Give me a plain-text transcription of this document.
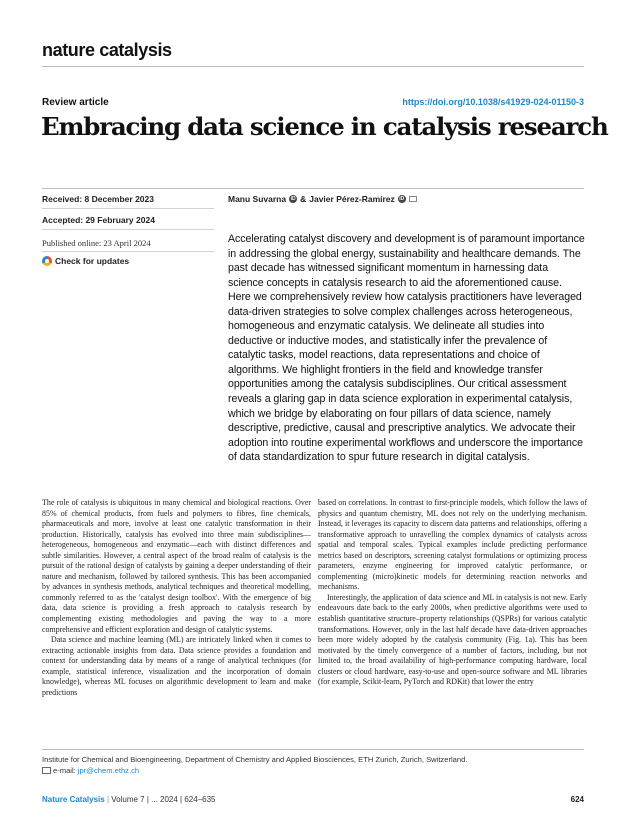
nature catalysis
Review article	https://doi.org/10.1038/s41929-024-01150-3
Embracing data science in catalysis research
Received: 8 December 2023
Accepted: 29 February 2024
Published online: 23 April 2024
Check for updates
Manu Suvarna iD & Javier Pérez-Ramírez iD
Accelerating catalyst discovery and development is of paramount importance in addressing the global energy, sustainability and healthcare demands. The past decade has witnessed significant momentum in harnessing data science concepts in catalysis research to aid the aforementioned cause. Here we comprehensively review how catalysis practitioners have leveraged data-driven strategies to solve complex challenges across heterogeneous, homogeneous and enzymatic catalysis. We delineate all studies into deductive or inductive modes, and statistically infer the prevalence of catalytic tasks, model reactions, data representations and choice of algorithms. We highlight frontiers in the field and knowledge transfer opportunities among the catalysis subdisciplines. Our critical assessment reveals a glaring gap in data science exploration in experimental catalysis, which we bridge by elaborating on four pillars of data science, namely descriptive, predictive, causal and prescriptive analytics. We advocate their adoption into routine experimental workflows and underscore the importance of data standardization to spur future research in digital catalysis.

The role of catalysis is ubiquitous in many chemical and biological reactions. Over 85% of chemical products, from fuels and polymers to fibres, fine chemicals, pharmaceuticals and more, involve at least one catalytic transformation in their production. Historically, catalysis has evolved into three main subdisciplines—heterogeneous, homogeneous and enzymatic—each with distinct differences and subtle similarities. However, a central aspect of the broad realm of catalysis is the pursuit of the rational design of catalysts by gaining a deeper understanding of their nature and mechanism, followed by tailored synthesis. This has been accompanied by advances in synthesis methods, analytical techniques and theoretical modelling, commonly referred to as the 'catalyst design toolbox'. With the emergence of big data, data science is providing a fresh approach to catalysis research by complementing existing methodologies and paving the way to a more comprehensive and efficient exploration and design of catalytic systems.

Data science and machine learning (ML) are intricately linked when it comes to extracting actionable insights from data. Data science provides a foundation and context for understanding data by means of a range of analytical techniques (for example, statistical inference, visualization and the incorporation of domain knowledge), whereas ML focuses on algorithmic development to learn and make predictions

based on correlations. In contrast to first-principle models, which follow the laws of physics and quantum chemistry, ML does not rely on the underlying mechanism. Instead, it leverages its capacity to discern data patterns and relationships, offering a transformative approach to unravelling the complex dynamics of catalysts across spatial and temporal scales. Typical examples include predicting performance metrics based on descriptors, screening catalyst formulations or optimizing process parameters, enzyme engineering for improved catalytic performance, or complementing (micro)kinetic models for determining reaction networks and mechanisms.

Interestingly, the application of data science and ML in catalysis is not new. Early endeavours date back to the early 2000s, when predictive algorithms were used to establish quantitative structure–property relationships (QSPRs) for various catalytic transformations. However, only in the last half decade have data-driven approaches been more widely adopted by the catalysis community (Fig. 1a). This has been motivated by the timely convergence of a number of factors, including, but not limited to, the broad availability of high-performance computing hardware, local clusters or cloud hardware, easy-to-use and open-source software and ML libraries (for example, Scikit-learn, PyTorch and RDKit) that lower the entry

Institute for Chemical and Bioengineering, Department of Chemistry and Applied Biosciences, ETH Zurich, Zurich, Switzerland.
e-mail: jpr@chem.ethz.ch
Nature Catalysis | Volume 7 | ... 2024 | 624–635	624
